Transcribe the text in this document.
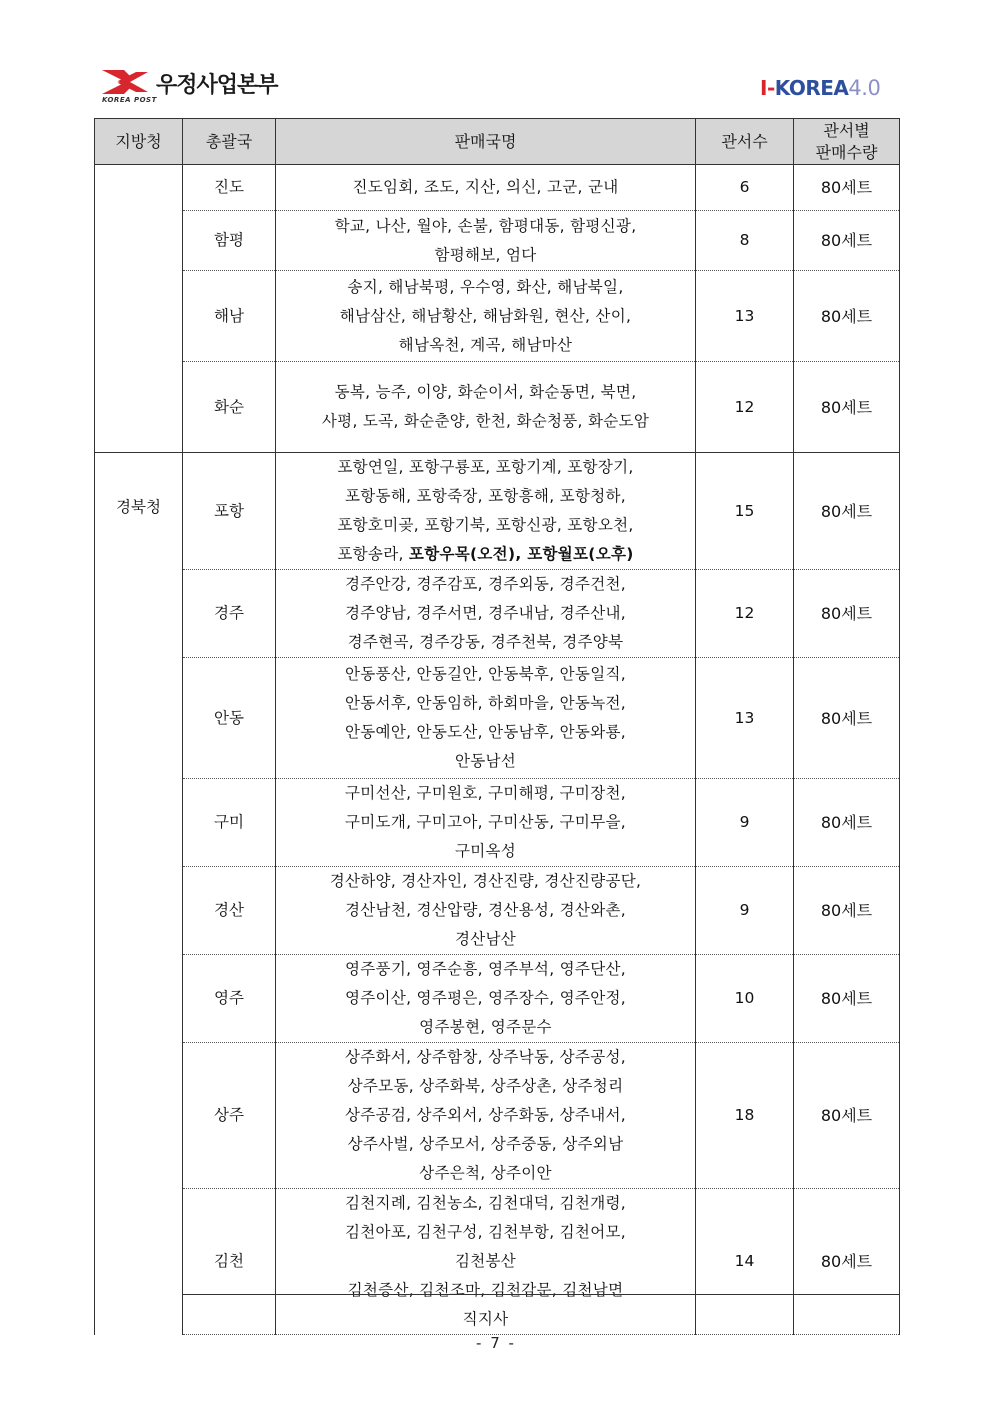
우정사업본부
KOREA POST	I-KOREA4.0
지방청	총괄국	판매국명	관서수	관서별
판매수량

	진도	진도임회, 조도, 지산, 의신, 고군, 군내	6	80세트
	함평	학교, 나산, 월야, 손불, 함평대동, 함평신광,
함평해보, 엄다	8	80세트
	해남	송지, 해남북평, 우수영, 화산, 해남북일,
해남삼산, 해남황산, 해남화원, 현산, 산이,
해남옥천, 계곡, 해남마산	13	80세트
	화순	동복, 능주, 이양, 화순이서, 화순동면, 북면,
사평, 도곡, 화순춘양, 한천, 화순청풍, 화순도암	12	80세트
경북청	포항	포항연일, 포항구룡포, 포항기계, 포항장기,
포항동해, 포항죽장, 포항흥해, 포항청하,
포항호미곶, 포항기북, 포항신광, 포항오천,
포항송라, 포항우목(오전), 포항월포(오후)	15	80세트
	경주	경주안강, 경주감포, 경주외동, 경주건천,
경주양남, 경주서면, 경주내남, 경주산내,
경주현곡, 경주강동, 경주천북, 경주양북	12	80세트
	안동	안동풍산, 안동길안, 안동북후, 안동일직,
안동서후, 안동임하, 하회마을, 안동녹전,
안동예안, 안동도산, 안동남후, 안동와룡,
안동남선	13	80세트
	구미	구미선산, 구미원호, 구미해평, 구미장천,
구미도개, 구미고아, 구미산동, 구미무을,
구미옥성	9	80세트
	경산	경산하양, 경산자인, 경산진량, 경산진량공단,
경산남천, 경산압량, 경산용성, 경산와촌,
경산남산	9	80세트
	영주	영주풍기, 영주순흥, 영주부석, 영주단산,
영주이산, 영주평은, 영주장수, 영주안정,
영주봉현, 영주문수	10	80세트
	상주	상주화서, 상주함창, 상주낙동, 상주공성,
상주모동, 상주화북, 상주상촌, 상주청리
상주공검, 상주외서, 상주화동, 상주내서,
상주사벌, 상주모서, 상주중동, 상주외남
상주은척, 상주이안	18	80세트
	김천	김천지례, 김천농소, 김천대덕, 김천개령,
김천아포, 김천구성, 김천부항, 김천어모,
김천봉산
김천증산, 김천조마, 김천감문, 김천남면
직지사	14	80세트
- 7 -
